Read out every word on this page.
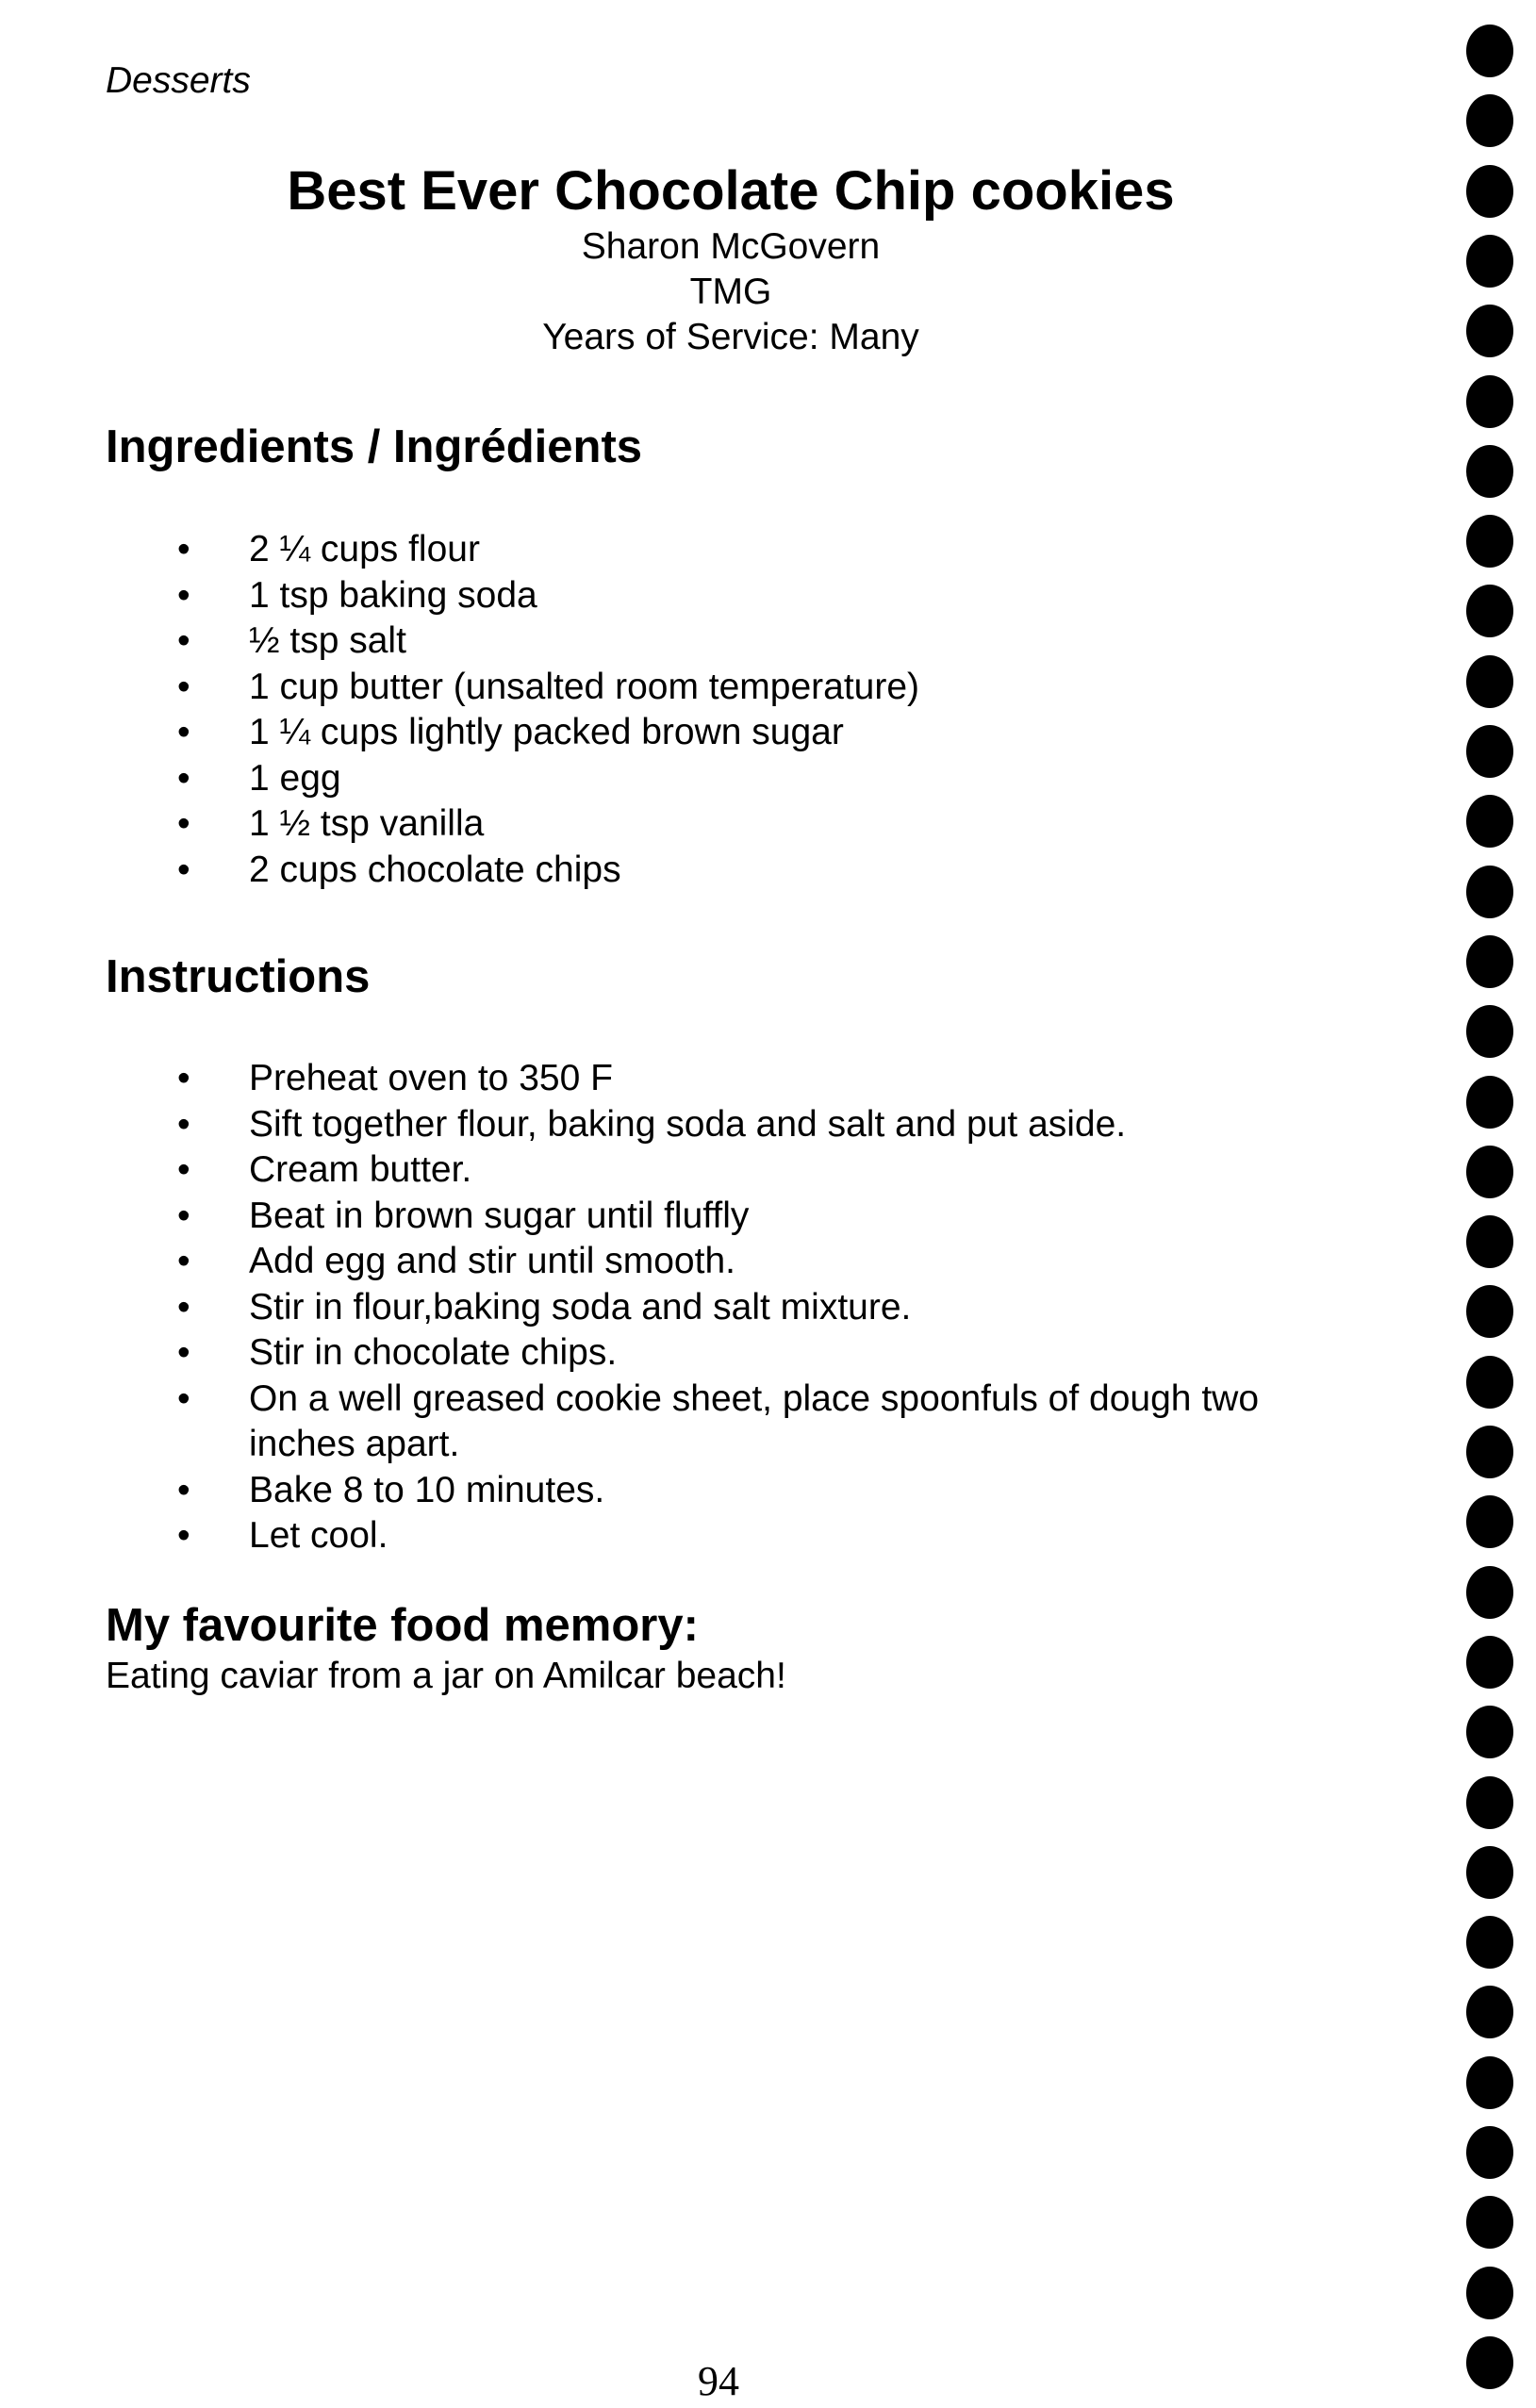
Desserts
Best Ever Chocolate Chip cookies
Sharon McGovern
TMG
Years of Service: Many
Ingredients / Ingrédients
• 2 ¼ cups flour
• 1 tsp baking soda
• ½ tsp salt
• 1 cup butter (unsalted room temperature)
• 1 ¼ cups lightly packed brown sugar
• 1 egg
• 1 ½ tsp vanilla
• 2 cups chocolate chips
Instructions
• Preheat oven to 350 F
• Sift together flour, baking soda and salt and put aside.
• Cream butter.
• Beat in brown sugar until fluffly
• Add egg and stir until smooth.
• Stir in flour,baking soda and salt mixture.
• Stir in chocolate chips.
• On a well greased cookie sheet, place spoonfuls of dough two inches apart.
• Bake 8 to 10 minutes.
• Let cool.
My favourite food memory:
Eating caviar from a jar on Amilcar beach!
94
